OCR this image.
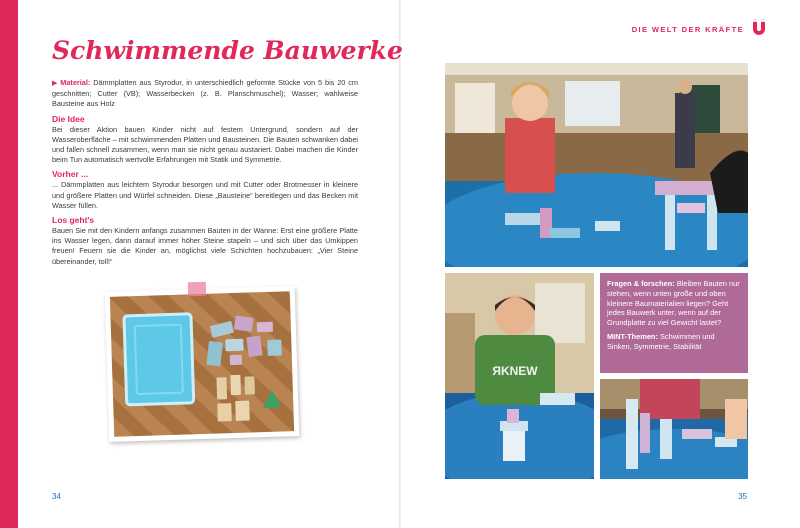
DIE WELT DER KRÄFTE
Schwimmende Bauwerke

▶ Material: Dämmplatten aus Styrodur, in unterschiedlich geformte Stücke von 5 bis 20 cm geschnitten; Cutter (VB); Wasserbecken (z. B. Planschmuschel); Wasser; wahlweise Bausteine aus Holz

Die Idee

Bei dieser Aktion bauen Kinder nicht auf festem Untergrund, sondern auf der Wasseroberfläche – mit schwimmenden Platten und Bausteinen. Die Bauten schwanken dabei und fallen schnell zusammen, wenn man sie nicht genau austariert. Dabei machen die Kinder beim Tun automatisch wertvolle Erfahrungen mit Statik und Symmetrie.

Vorher ...

... Dämmplatten aus leichtem Styrodur besorgen und mit Cutter oder Brotmesser in kleinere und größere Platten und Würfel schneiden. Diese „Bausteine“ bereitlegen und das Becken mit Wasser füllen.

Los geht's

Bauen Sie mit den Kindern anfangs zusammen Bauten in der Wanne: Erst eine größere Platte ins Wasser legen, dann darauf immer höher Steine stapeln – und sich über das Umkippen freuen! Feuern sie die Kinder an, möglichst viele Schichten hochzubauen: „Vier Steine übereinander, toll!“

ЯKNEW

Fragen & forschen: Bleiben Bauten nur stehen, wenn unten große und oben kleinere Baumaterialien liegen? Geht jedes Bauwerk unter, wenn auf der Grundplatte zu viel Gewicht lastet?

MINT-Themen: Schwimmen und Sinken, Symmetrie, Stabilität

34	35
